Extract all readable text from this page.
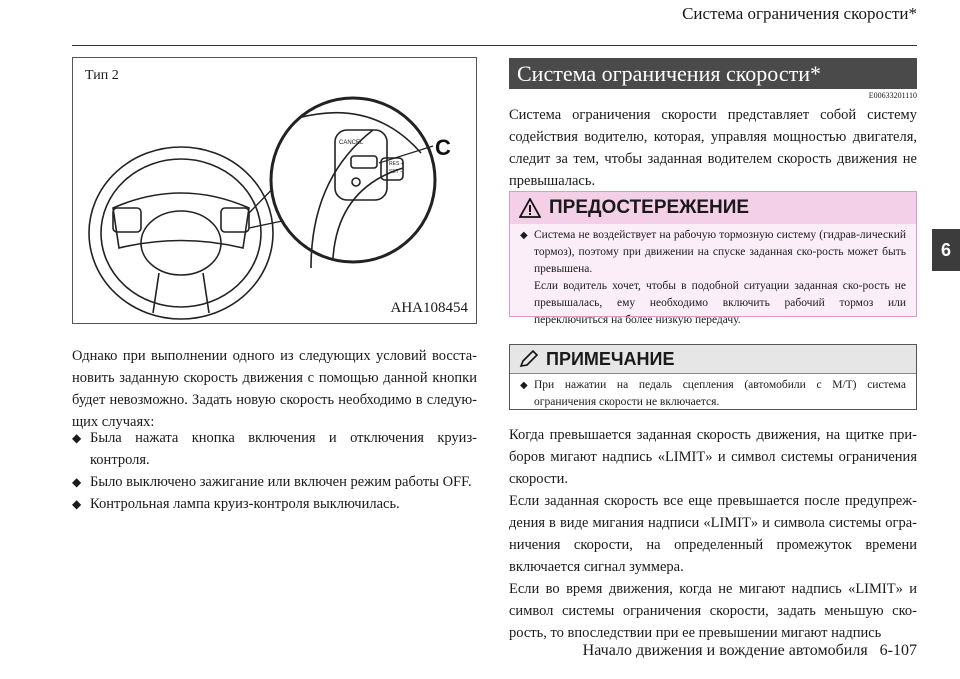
Система ограничения скорости*
6
CANCEL
RES +
SET −
C
Тип 2
AHA108454
Однако при выполнении одного из следующих условий восста-новить заданную скорость движения с помощью данной кнопки будет невозможно. Задать новую скорость необходимо в следую-щих случаях:
◆ Была нажата кнопка включения и отключения круиз-контроля.
◆ Было выключено зажигание или включен режим работы OFF.
◆ Контрольная лампа круиз-контроля выключилась.
Система ограничения скорости*
E00633201110
Система ограничения скорости представляет собой систему содействия водителю, которая, управляя мощностью двигателя, следит за тем, чтобы заданная водителем скорость движения не превышалась.
ПРЕДОСТЕРЕЖЕНИЕ
◆ Система не воздействует на рабочую тормозную систему (гидрав-лический тормоз), поэтому при движении на спуске заданная ско-рость может быть превышена.
Если водитель хочет, чтобы в подобной ситуации заданная ско-рость не превышалась, ему необходимо включить рабочий тормоз или переключиться на более низкую передачу.
ПРИМЕЧАНИЕ
◆ При нажатии на педаль сцепления (автомобили с M/T) система ограничения скорости не включается.
Когда превышается заданная скорость движения, на щитке при-боров мигают надпись «LIMIT» и символ системы ограничения скорости.
Если заданная скорость все еще превышается после предупреж-дения в виде мигания надписи «LIMIT» и символа системы огра-ничения скорости, на определенный промежуток времени включается сигнал зуммера.
Если во время движения, когда не мигают надпись «LIMIT» и символ системы ограничения скорости, задать меньшую ско-рость, то впоследствии при ее превышении мигают надпись
Начало движения и вождение автомобиля   6-107
